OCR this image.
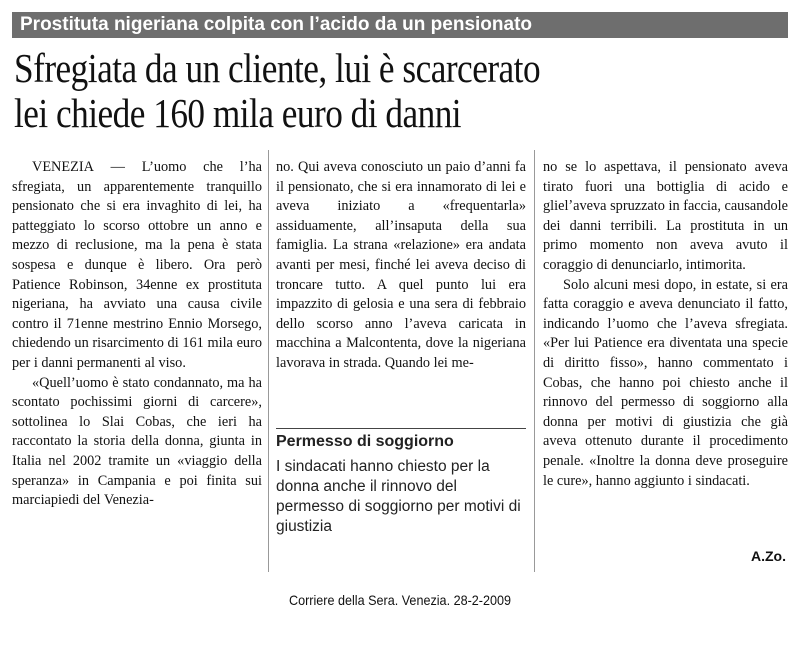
Prostituta nigeriana colpita con l’acido da un pensionato
Sfregiata da un cliente, lui è scarcerato
lei chiede 160 mila euro di danni

VENEZIA — L’uomo che l’ha sfregiata, un apparentemente tranquillo pensionato che si era invaghito di lei, ha patteggiato lo scorso ottobre un anno e mezzo di reclusione, ma la pena è stata sospesa e dunque è libero. Ora però Patience Robinson, 34enne ex prostituta nigeriana, ha avviato una causa civile contro il 71enne mestrino Ennio Morsego, chiedendo un risarcimento di 161 mila euro per i danni permanenti al viso.

«Quell’uomo è stato condannato, ma ha scontato pochissimi giorni di carcere», sottolinea lo Slai Cobas, che ieri ha raccontato la storia della donna, giunta in Italia nel 2002 tramite un «viaggio della speranza» in Campania e poi finita sui marciapiedi del Venezia-

no. Qui aveva conosciuto un paio d’anni fa il pensionato, che si era innamorato di lei e aveva iniziato a «frequentarla» assiduamente, all’insaputa della sua famiglia. La strana «relazione» era andata avanti per mesi, finché lei aveva deciso di troncare tutto. A quel punto lui era impazzito di gelosia e una sera di febbraio dello scorso anno l’aveva caricata in macchina a Malcontenta, dove la nigeriana lavorava in strada. Quando lei me-

Permesso di soggiorno
I sindacati hanno chiesto per la donna anche il rinnovo del permesso di soggiorno per motivi di giustizia

no se lo aspettava, il pensionato aveva tirato fuori una bottiglia di acido e glielʼaveva spruzzato in faccia, causandole dei danni terribili. La prostituta in un primo momento non aveva avuto il coraggio di denunciarlo, intimorita.

Solo alcuni mesi dopo, in estate, si era fatta coraggio e aveva denunciato il fatto, indicando l’uomo che l’aveva sfregiata. «Per lui Patience era diventata una specie di diritto fisso», hanno commentato i Cobas, che hanno poi chiesto anche il rinnovo del permesso di soggiorno alla donna per motivi di giustizia che già aveva ottenuto durante il procedimento penale. «Inoltre la donna deve proseguire le cure», hanno aggiunto i sindacati.

A.Zo.
Corriere della Sera. Venezia. 28-2-2009
